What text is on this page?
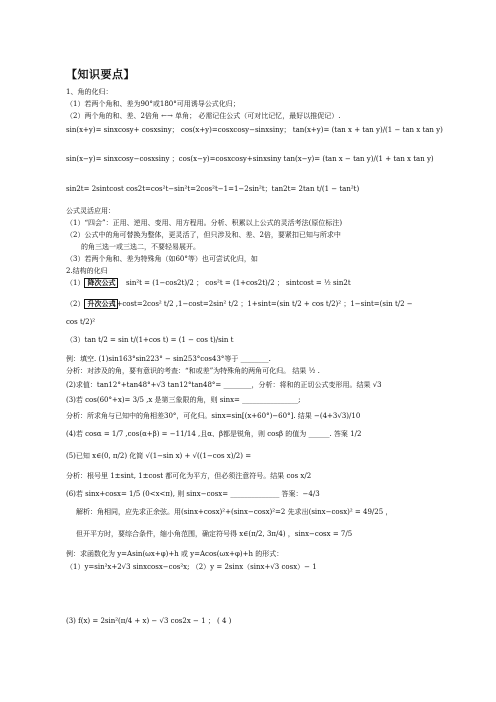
【知识要点】
1、角的化归：
（1）若两个角和、差为90°或180°可用诱导公式化归；
（2）两个角的和、差、2倍角 ←→ 单角； 必需记住公式（可对比记忆，最好以推促记）.
sin(x+y)= sinxcosy+ cosxsiny； cos(x+y)=cosxcosy−sinxsiny； tan(x+y)= (tan x + tan y)/(1 − tan x tan y)
sin(x−y)= sinxcosy−cosxsiny ；cos(x−y)=cosxcosy+sinxsiny tan(x−y)= (tan x − tan y)/(1 + tan x tan y)
sin2t= 2sintcost cos2t=cos²t−sin²t=2cos²t−1=1−2sin²t；tan2t= 2tan t/(1 − tan²t)
公式灵活应用：
（1）“四会”：正用、逆用、变用、用方程用。分析、积累以上公式的灵活考法(原位标注)
（2）公式中的角可替换为整体，更灵活了，但只涉及和、差、2倍，要紧扣已知与所求中
的角三选一或三选二，不要轻易展开。
（3）若两个角和、差为特殊角（如60°等）也可尝试化归，如
2.结构的化归
sin²t = (1−cos2t)/2 ； cos²t = (1+cos2t)/2 ； sintcost = ½ sin2t
1+cost=2cos² t/2 ,1−cost=2sin² t/2 ；1+sint=(sin t/2 + cos t/2)² ；1−sint=(sin t/2 −
cos t/2)²
（3）tan t/2 = sin t/(1+cos t) = (1 − cos t)/sin t
例：填空. (1)sin163°sin223° − sin253°cos43°等于 ________.
分析：对涉及的角，要有意识的考查：“和或差”为特殊角的两角可化归。 结果 ½ .
(2)求值：tan12°+tan48°+√3 tan12°tan48°= ________，分析：将和的正切公式变形用。结果 √3
(3)若 cos(60°+x)= 3/5 ,x 是第三象限的角，则 sinx= ________________;
分析：所求角与已知中的角相差30°，可化归。sinx=sin[(x+60°)−60°]. 结果 −(4+3√3)/10
(4)若 cosα = 1/7 ,cos(α+β) = −11/14 ,且α、β都是锐角，则 cosβ 的值为 ______. 答案 1/2
(5)已知 x∈(0, π/2) 化简 √(1−sin x) + √((1−cos x)/2) =
分析：根号里 1±sint, 1±cost 都可化为平方，但必须注意符号。结果 cos x/2
(6)若 sinx+cosx= 1/5 (0<x<π), 则 sinx−cosx= ______________ 答案：−4/3
解析：角相同，应先求正余弦。用(sinx+cosx)²+(sinx−cosx)²=2 先求出(sinx−cosx)² = 49/25 ，
但开平方时，要综合条件，缩小角范围，确定符号得 x∈(π/2, 3π/4) ，sinx−cosx = 7/5
例：求函数化为 y=Asin(ωx+φ)+h 或 y=Acos(ωx+φ)+h 的形式：
（1）y=sin²x+2√3 sinxcosx−cos²x; （2）y = 2sinx（sinx+√3 cosx）− 1
(3) f(x) = 2sin²(π/4 + x) − √3 cos2x − 1 ； ( 4 )
（1） 降次公式
（2） 升次公式
